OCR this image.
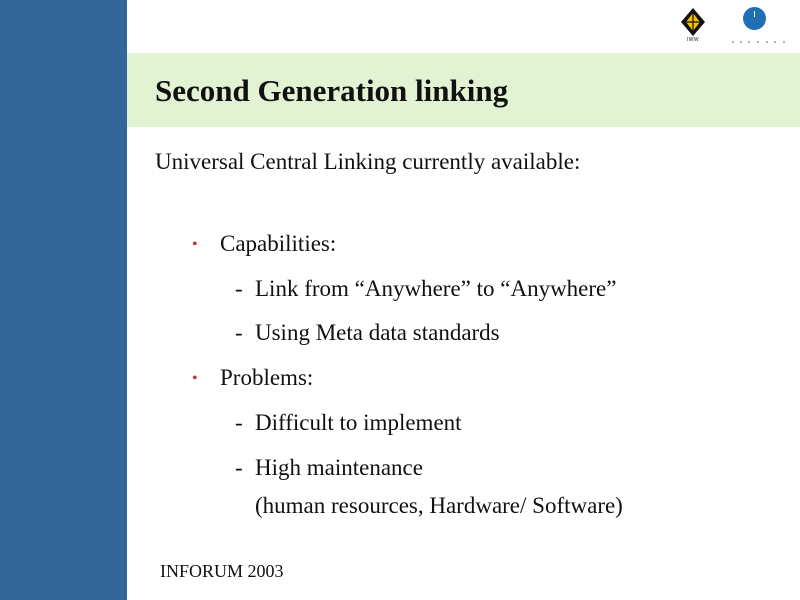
IWW
Second Generation linking

Universal Central Linking currently available:

• Capabilities:

- Link from “Anywhere” to “Anywhere”

- Using Meta data standards

• Problems:

- Difficult to implement

- High maintenance

(human resources, Hardware/ Software)

INFORUM 2003
